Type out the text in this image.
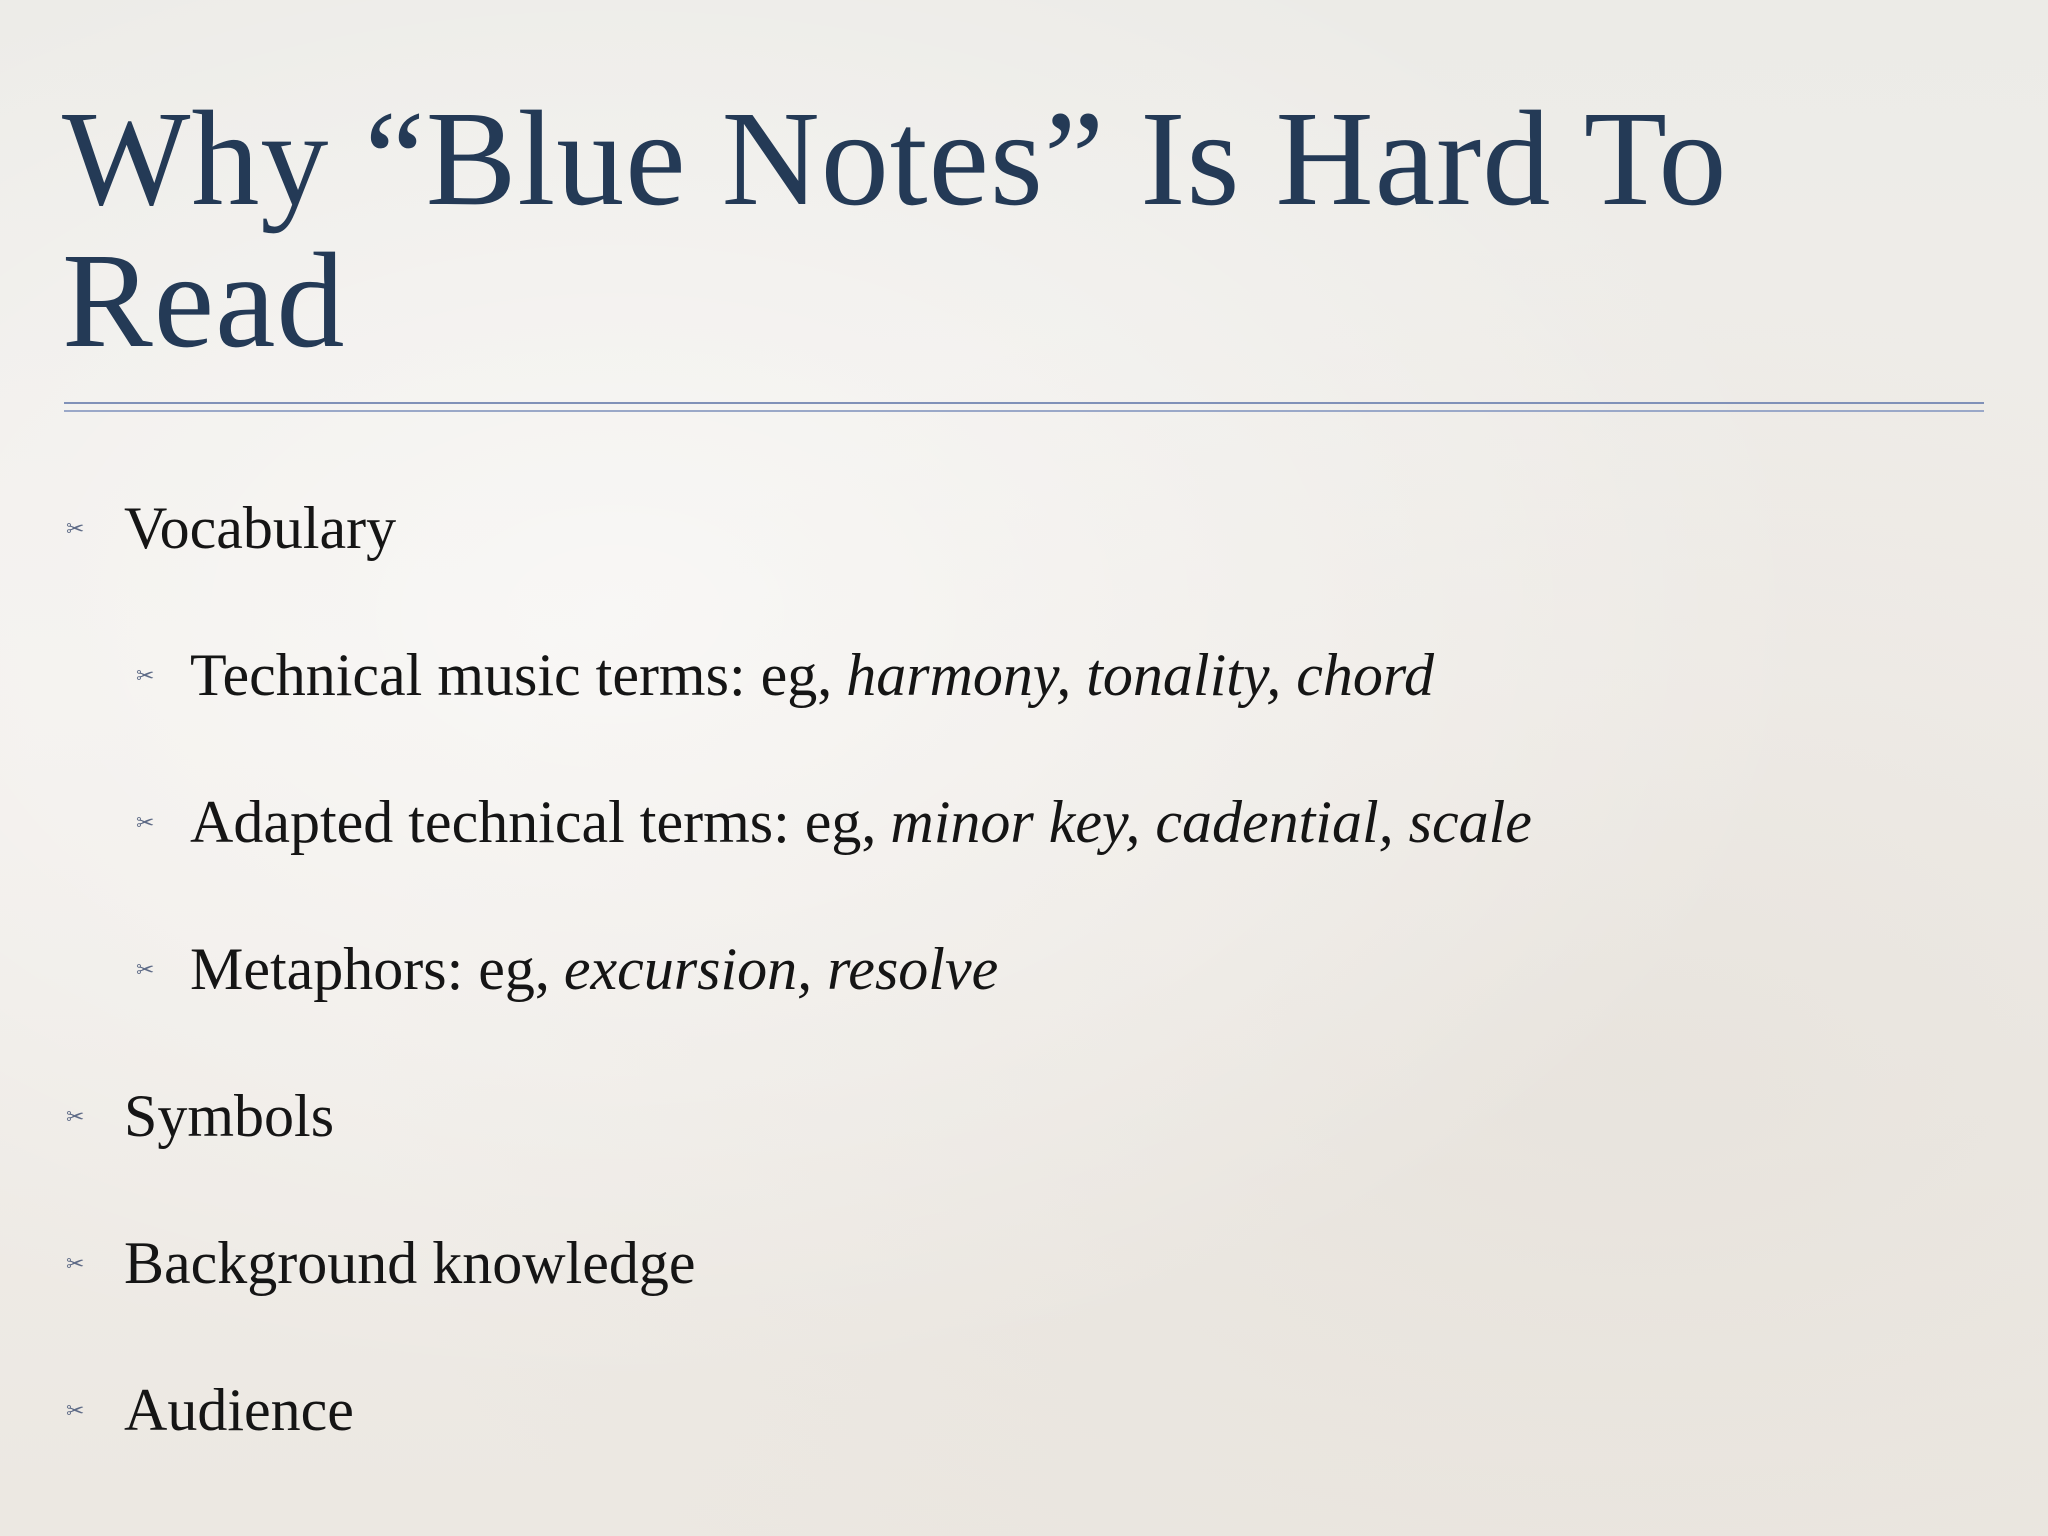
Why “Blue Notes” Is Hard To Read
✂ Vocabulary
✂ Technical music terms: eg, harmony, tonality, chord
✂ Adapted technical terms: eg, minor key, cadential, scale
✂ Metaphors: eg, excursion, resolve
✂ Symbols
✂ Background knowledge
✂ Audience
